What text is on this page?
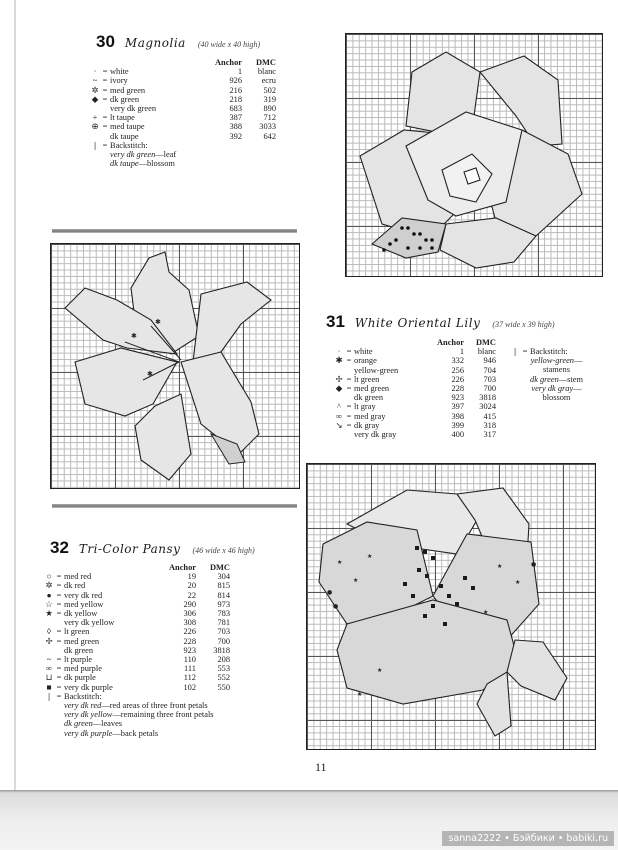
30 Magnolia (40 wide x 40 high)
			Anchor	DMC
·	=	white	1	blanc
~	=	ivory	926	ecru
✲	=	med green	216	502
◆	=	dk green	218	319
		very dk green	683	890
+	=	lt taupe	387	712
⊕	=	med taupe	388	3033
		dk taupe	392	642
|	=	Backstitch:		
		very dk green—leaf		
		dk taupe—blossom		
✱
✱
✱	31 White Oriental Lily (37 wide x 39 high)
			Anchor	DMC
·	=	white	1	blanc
✱	=	orange	332	946
		yellow-green	256	704
✢	=	lt green	226	703
◆	=	med green	228	700
		dk green	923	3818
^	=	lt gray	397	3024
∞	=	med gray	398	415
↘	=	dk gray	399	318
		very dk gray	400	317
|	=	Backstitch:
		yellow-green—
		stamens
		dk green—stem
		very dk gray—
		blossom
★
★
★
★
★
★
★
★
●
●
●
32 Tri-Color Pansy (46 wide x 46 high)
			Anchor	DMC
○	=	med red	19	304
✲	=	dk red	20	815
●	=	very dk red	22	814
☆	=	med yellow	290	973
★	=	dk yellow	306	783
		very dk yellow	308	781
◊	=	lt green	226	703
✢	=	med green	228	700
		dk green	923	3818
~	=	lt purple	110	208
∞	=	med purple	111	553
⊔	=	dk purple	112	552
■	=	very dk purple	102	550
|	=	Backstitch:		
		very dk red—red areas of three front petals		
		very dk yellow—remaining three front petals		
		dk green—leaves		
		very dk purple—back petals		
11
sanna2222 • Бэйбики • babiki.ru
